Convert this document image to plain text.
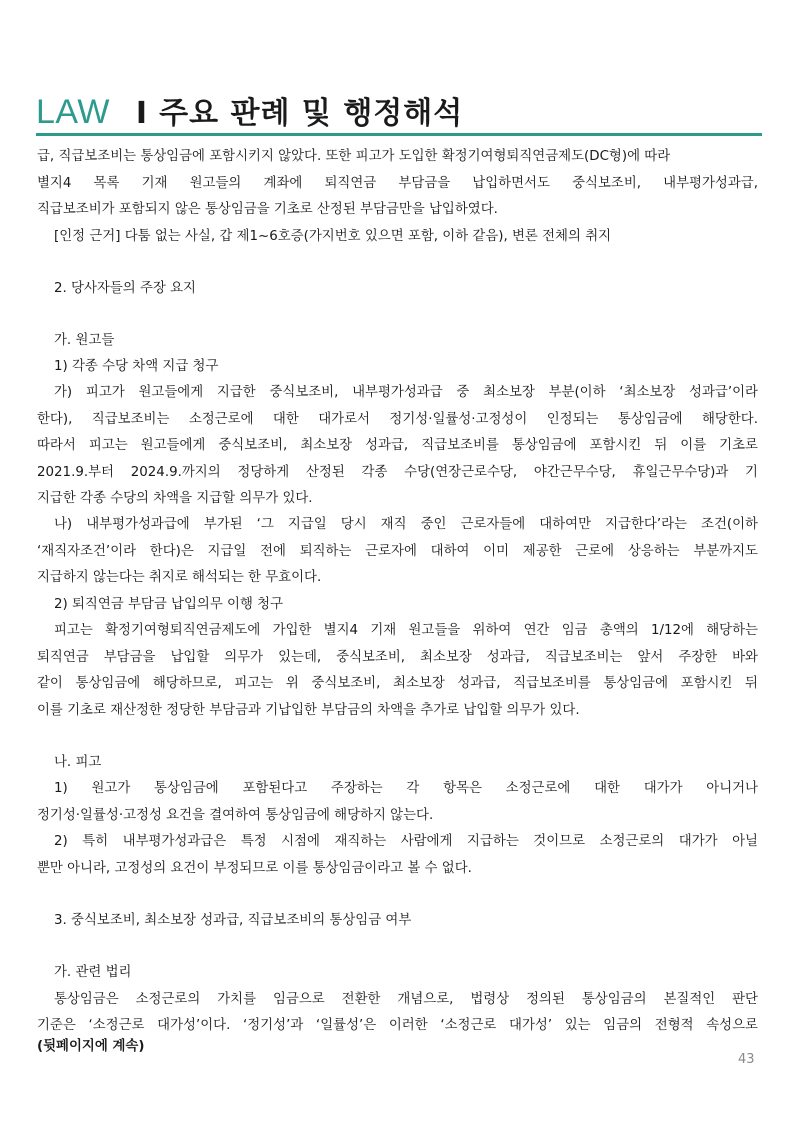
LAW I 주요 판례 및 행정해석
급, 직급보조비는 통상임금에 포함시키지 않았다. 또한 피고가 도입한 확정기여형퇴직연금제도(DC형)에 따라
별지4 목록 기재 원고들의 계좌에 퇴직연금 부담금을 납입하면서도 중식보조비, 내부평가성과급,
직급보조비가 포함되지 않은 통상임금을 기초로 산정된 부담금만을 납입하였다.
[인정 근거] 다툼 없는 사실, 갑 제1~6호증(가지번호 있으면 포함, 이하 같음), 변론 전체의 취지
2. 당사자들의 주장 요지
가. 원고들
1) 각종 수당 차액 지급 청구
가) 피고가 원고들에게 지급한 중식보조비, 내부평가성과급 중 최소보장 부분(이하 ‘최소보장 성과급’이라
한다), 직급보조비는 소정근로에 대한 대가로서 정기성·일률성·고정성이 인정되는 통상임금에 해당한다.
따라서 피고는 원고들에게 중식보조비, 최소보장 성과급, 직급보조비를 통상임금에 포함시킨 뒤 이를 기초로
2021.9.부터 2024.9.까지의 정당하게 산정된 각종 수당(연장근로수당, 야간근무수당, 휴일근무수당)과 기
지급한 각종 수당의 차액을 지급할 의무가 있다.
나) 내부평가성과급에 부가된 ‘그 지급일 당시 재직 중인 근로자들에 대하여만 지급한다’라는 조건(이하
‘재직자조건’이라 한다)은 지급일 전에 퇴직하는 근로자에 대하여 이미 제공한 근로에 상응하는 부분까지도
지급하지 않는다는 취지로 해석되는 한 무효이다.
2) 퇴직연금 부담금 납입의무 이행 청구
피고는 확정기여형퇴직연금제도에 가입한 별지4 기재 원고들을 위하여 연간 임금 총액의 1/12에 해당하는
퇴직연금 부담금을 납입할 의무가 있는데, 중식보조비, 최소보장 성과급, 직급보조비는 앞서 주장한 바와
같이 통상임금에 해당하므로, 피고는 위 중식보조비, 최소보장 성과급, 직급보조비를 통상임금에 포함시킨 뒤
이를 기초로 재산정한 정당한 부담금과 기납입한 부담금의 차액을 추가로 납입할 의무가 있다.
나. 피고
1) 원고가 통상임금에 포함된다고 주장하는 각 항목은 소정근로에 대한 대가가 아니거나
정기성·일률성·고정성 요건을 결여하여 통상임금에 해당하지 않는다.
2) 특히 내부평가성과급은 특정 시점에 재직하는 사람에게 지급하는 것이므로 소정근로의 대가가 아닐
뿐만 아니라, 고정성의 요건이 부정되므로 이를 통상임금이라고 볼 수 없다.
3. 중식보조비, 최소보장 성과급, 직급보조비의 통상임금 여부
가. 관련 법리
통상임금은 소정근로의 가치를 임금으로 전환한 개념으로, 법령상 정의된 통상임금의 본질적인 판단
기준은 ‘소정근로 대가성’이다. ‘정기성’과 ‘일률성’은 이러한 ‘소정근로 대가성’ 있는 임금의 전형적 속성으로
(뒷페이지에 계속)
43
